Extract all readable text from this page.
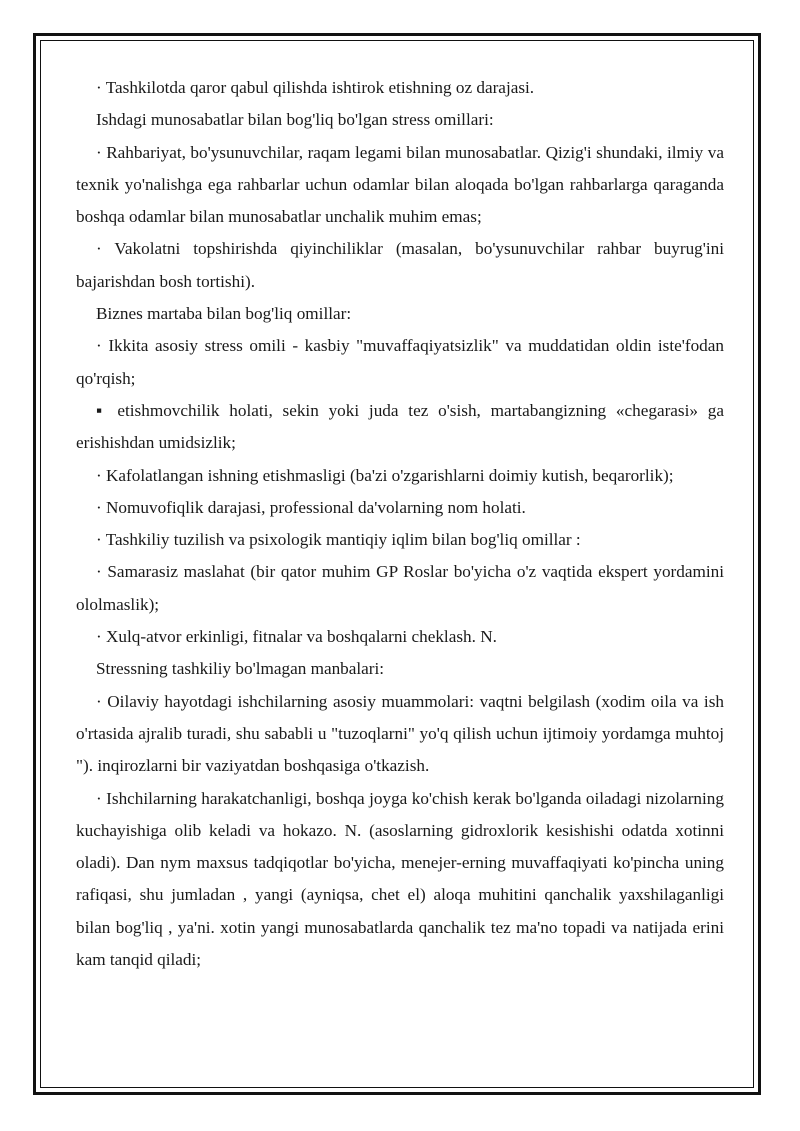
· Tashkilotda qaror qabul qilishda ishtirok etishning oz darajasi.

Ishdagi munosabatlar bilan bog'liq bo'lgan stress omillari:

· Rahbariyat, bo'ysunuvchilar, raqam legami bilan munosabatlar. Qizig'i shundaki, ilmiy va texnik yo'nalishga ega rahbarlar uchun odamlar bilan aloqada bo'lgan rahbarlarga qaraganda boshqa odamlar bilan munosabatlar unchalik muhim emas;

· Vakolatni topshirishda qiyinchiliklar (masalan, bo'ysunuvchilar rahbar buyrug'ini bajarishdan bosh tortishi).

Biznes martaba bilan bog'liq omillar:

· Ikkita asosiy stress omili - kasbiy "muvaffaqiyatsizlik" va muddatidan oldin iste'fodan qo'rqish;

▪ etishmovchilik holati, sekin yoki juda tez o'sish, martabangizning «chegarasi» ga erishishdan umidsizlik;

· Kafolatlangan ishning etishmasligi (ba'zi o'zgarishlarni doimiy kutish, beqarorlik);

· Nomuvofiqlik darajasi, professional da'volarning nom holati.

· Tashkiliy tuzilish va psixologik mantiqiy iqlim bilan bog'liq omillar :

· Samarasiz maslahat (bir qator muhim GP Roslar bo'yicha o'z vaqtida ekspert yordamini ololmaslik);

· Xulq-atvor erkinligi, fitnalar va boshqalarni cheklash. N.

Stressning tashkiliy bo'lmagan manbalari:

· Oilaviy hayotdagi ishchilarning asosiy muammolari: vaqtni belgilash (xodim oila va ish o'rtasida ajralib turadi, shu sababli u "tuzoqlarni" yo'q qilish uchun ijtimoiy yordamga muhtoj "). inqirozlarni bir vaziyatdan boshqasiga o'tkazish.

· Ishchilarning harakatchanligi, boshqa joyga ko'chish kerak bo'lganda oiladagi nizolarning kuchayishiga olib keladi va hokazo. N. (asoslarning gidroxlorik kesishishi odatda xotinni oladi). Dan nym maxsus tadqiqotlar bo'yicha, menejer-erning muvaffaqiyati ko'pincha uning rafiqasi, shu jumladan , yangi (ayniqsa, chet el) aloqa muhitini qanchalik yaxshilaganligi bilan bog'liq , ya'ni. xotin yangi munosabatlarda qanchalik tez ma'no topadi va natijada erini kam tanqid qiladi;
